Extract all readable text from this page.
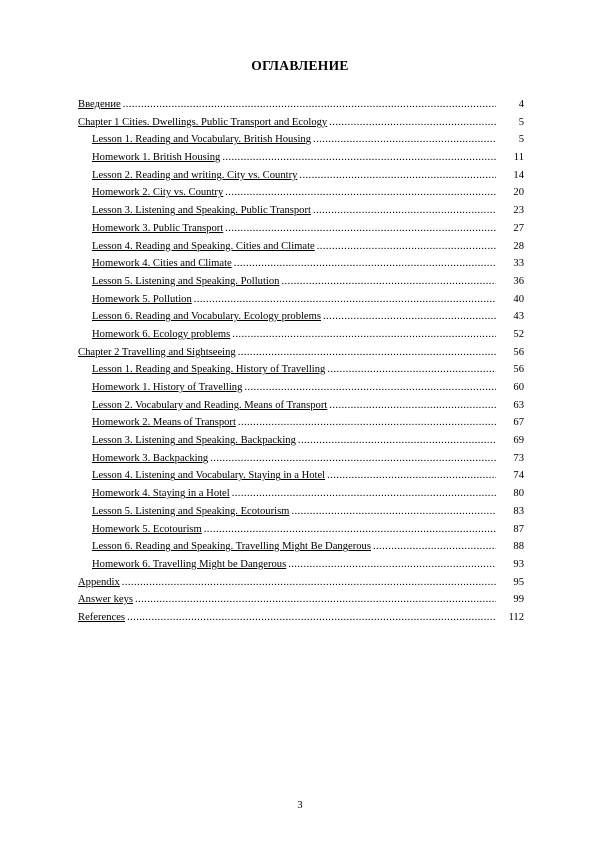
ОГЛАВЛЕНИЕ
Введение .....	4
Chapter 1 Cities. Dwellings. Public Transport and Ecology .....	5
Lesson 1. Reading and Vocabulary. British Housing .....	5
Homework 1. British Housing .....	11
Lesson 2. Reading and writing. City vs. Country .....	14
Homework 2. City vs. Country .....	20
Lesson 3. Listening and Speaking. Public Transport .....	23
Homework 3. Public Transport .....	27
Lesson 4. Reading and Speaking. Cities and Climate .....	28
Homework 4. Cities and Climate .....	33
Lesson 5. Listening and Speaking. Pollution .....	36
Homework 5. Pollution .....	40
Lesson 6. Reading and Vocabulary. Ecology problems .....	43
Homework 6. Ecology problems .....	52
Chapter 2 Travelling and Sightseeing .....	56
Lesson 1. Reading and Speaking. History of Travelling .....	56
Homework 1. History of Travelling .....	60
Lesson 2. Vocabulary and Reading. Means of Transport .....	63
Homework 2. Means of Transport .....	67
Lesson 3. Listening and Speaking. Backpacking .....	69
Homework 3. Backpacking .....	73
Lesson 4. Listening and Vocabulary. Staying in a Hotel .....	74
Homework 4. Staying in a Hotel .....	80
Lesson 5. Listening and Speaking. Ecotourism .....	83
Homework 5. Ecotourism .....	87
Lesson 6. Reading and Speaking. Travelling Might Be Dangerous .....	88
Homework 6. Travelling Might be Dangerous .....	93
Appendix .....	95
Answer keys .....	99
References .....	112
3
